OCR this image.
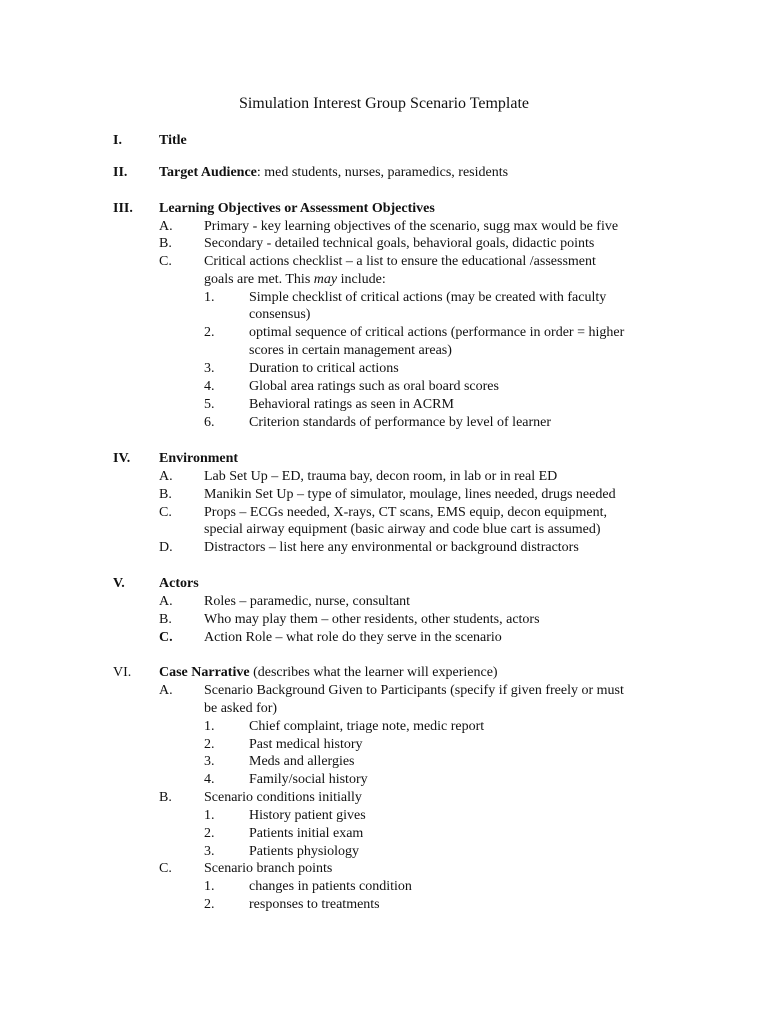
Simulation Interest Group Scenario Template
I.	Title
II. Target Audience: med students, nurses, paramedics, residents
III. Learning Objectives or Assessment Objectives
A. Primary - key learning objectives of the scenario, sugg max would be five
B. Secondary - detailed technical goals, behavioral goals, didactic points
C. Critical actions checklist – a list to ensure the educational /assessment
goals are met. This may include:
1. Simple checklist of critical actions (may be created with faculty
consensus)
2. optimal sequence of critical actions (performance in order = higher
scores in certain management areas)
3. Duration to critical actions
4. Global area ratings such as oral board scores
5. Behavioral ratings as seen in ACRM
6. Criterion standards of performance by level of learner
IV. Environment
A. Lab Set Up – ED, trauma bay, decon room, in lab or in real ED
B. Manikin Set Up – type of simulator, moulage, lines needed, drugs needed
C. Props – ECGs needed, X-rays, CT scans, EMS equip, decon equipment,
special airway equipment (basic airway and code blue cart is assumed)
D. Distractors – list here any environmental or background distractors
V. Actors
A. Roles – paramedic, nurse, consultant
B. Who may play them – other residents, other students, actors
C. Action Role – what role do they serve in the scenario
VI. Case Narrative (describes what the learner will experience)
A. Scenario Background Given to Participants (specify if given freely or must
be asked for)
1. Chief complaint, triage note, medic report
2. Past medical history
3. Meds and allergies
4. Family/social history
B. Scenario conditions initially
1. History patient gives
2. Patients initial exam
3. Patients physiology
C. Scenario branch points
1. changes in patients condition
2. responses to treatments
